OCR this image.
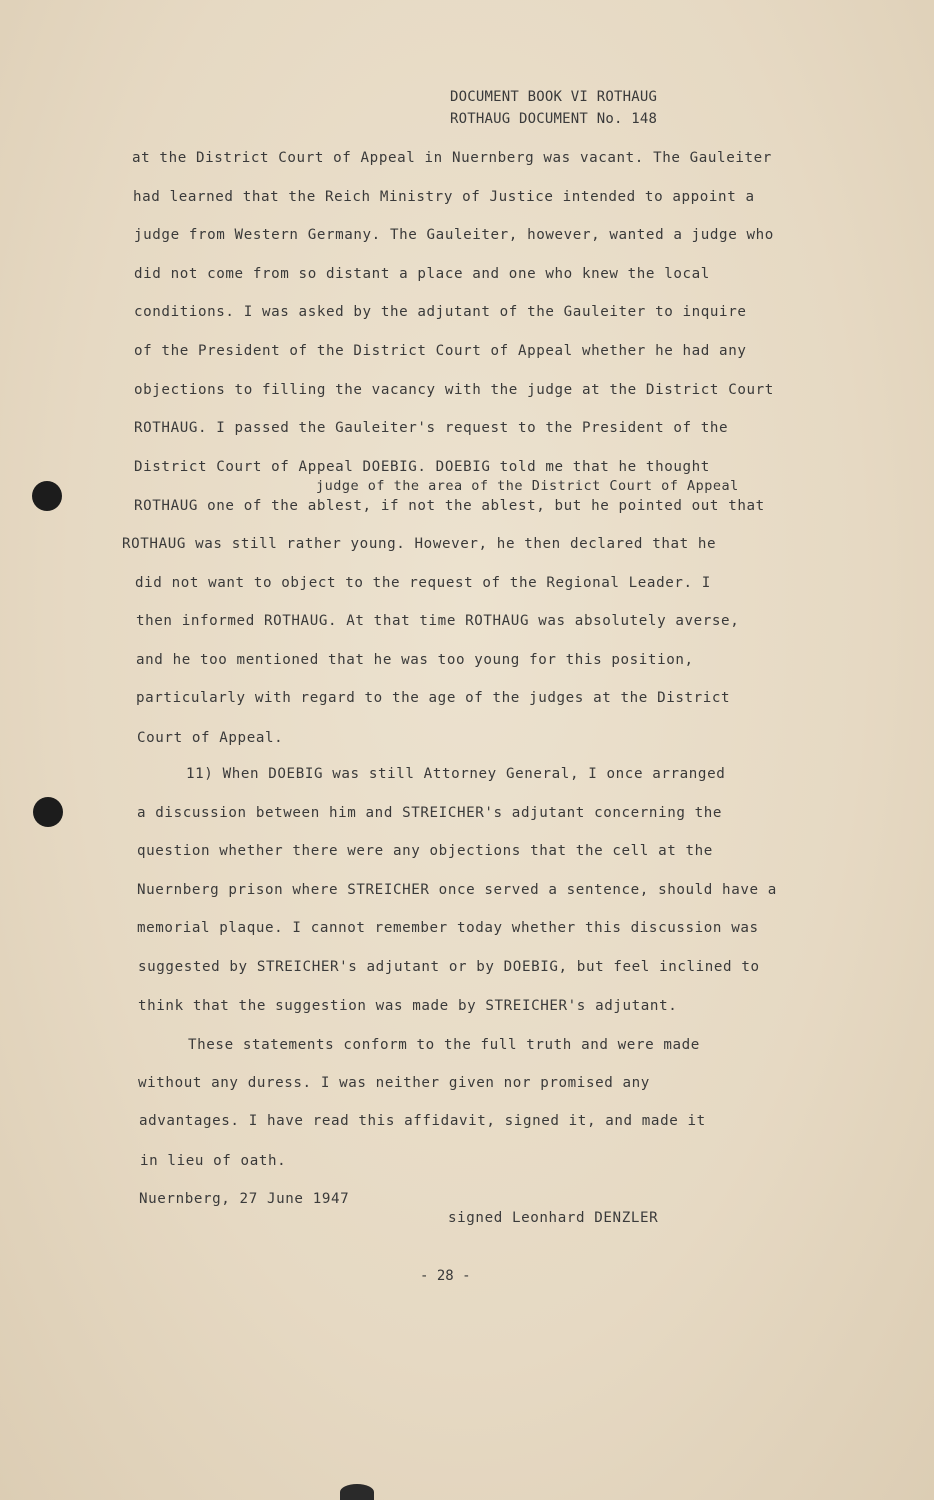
DOCUMENT BOOK VI ROTHAUG
ROTHAUG DOCUMENT No. 148
at the District Court of Appeal in Nuernberg was vacant. The Gauleiter
had learned that the Reich Ministry of Justice intended to appoint a
judge from Western Germany. The Gauleiter, however, wanted a judge who
did not come from so distant a place and one who knew the local
conditions. I was asked by the adjutant of the Gauleiter to inquire
of the President of the District Court of Appeal whether he had any
objections to filling the vacancy with the judge at the District Court
ROTHAUG. I passed the Gauleiter's request to the President of the
District Court of Appeal DOEBIG. DOEBIG told me that he thought
judge of the area of the District Court of Appeal
ROTHAUG one of the ablest, if not the ablest, but he pointed out that
ROTHAUG was still rather young. However, he then declared that he
did not want to object to the request of the Regional Leader. I
then informed ROTHAUG. At that time ROTHAUG was absolutely averse,
and he too mentioned that he was too young for this position,
particularly with regard to the age of the judges at the District
Court of Appeal.
11) When DOEBIG was still Attorney General, I once arranged
a discussion between him and STREICHER's adjutant concerning the
question whether there were any objections that the cell at the
Nuernberg prison where STREICHER once served a sentence, should have a
memorial plaque. I cannot remember today whether this discussion was
suggested by STREICHER's adjutant or by DOEBIG, but feel inclined to
think that the suggestion was made by STREICHER's adjutant.
These statements conform to the full truth and were made
without any duress. I was neither given nor promised any
advantages. I have read this affidavit, signed it, and made it
in lieu of oath.
Nuernberg, 27 June 1947
signed Leonhard DENZLER
- 28 -
